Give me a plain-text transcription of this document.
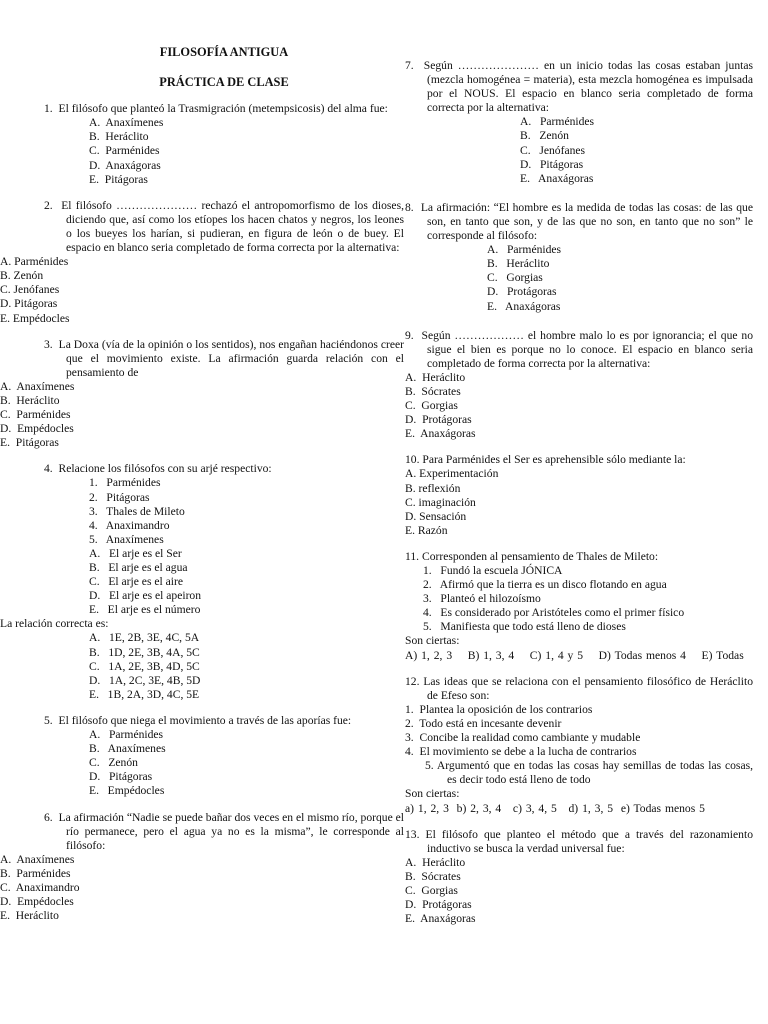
FILOSOFÍA ANTIGUA
PRÁCTICA DE CLASE
1. El filósofo que planteó la Trasmigración (metempsicosis) del alma fue:
A.  Anaxímenes
B.  Heráclito
C.  Parménides
D.  Anaxágoras
E.  Pitágoras
2. El filósofo ………………… rechazó el antropomorfismo de los dioses, diciendo que, así como los etíopes los hacen chatos y negros, los leones o los bueyes los harían, si pudieran, en figura de león o de buey. El espacio en blanco seria completado de forma correcta por la alternativa:
A. Parménides
B. Zenón
C. Jenófanes
D. Pitágoras
E. Empédocles
3. La Doxa (vía de la opinión o los sentidos), nos engañan haciéndonos creer que el movimiento existe. La afirmación guarda relación con el pensamiento de
A.  Anaxímenes
B.  Heráclito
C.  Parménides
D.  Empédocles
E.  Pitágoras
4. Relacione los filósofos con su arjé respectivo:
1.   Parménides
2.   Pitágoras
3.   Thales de Mileto
4.   Anaximandro
5.   Anaxímenes
A.   El arje es el Ser
B.   El arje es el agua
C.   El arje es el aire
D.   El arje es el apeiron
E.   El arje es el número
La relación correcta es:
A.   1E, 2B, 3E, 4C, 5A
B.   1D, 2E, 3B, 4A, 5C
C.   1A, 2E, 3B, 4D, 5C
D.   1A, 2C, 3E, 4B, 5D
E.   1B, 2A, 3D, 4C, 5E
5. El filósofo que niega el movimiento a través de las aporías fue:
A.   Parménides
B.   Anaxímenes
C.   Zenón
D.   Pitágoras
E.   Empédocles
6. La afirmación “Nadie se puede bañar dos veces en el mismo río, porque el río permanece, pero el agua ya no es la misma”, le corresponde al filósofo:
A.  Anaxímenes
B.  Parménides
C.  Anaximandro
D.  Empédocles
E.  Heráclito
7. Según ………………… en un inicio todas las cosas estaban juntas (mezcla homogénea = materia), esta mezcla homogénea es impulsada por el NOUS. El espacio en blanco seria completado de forma correcta por la alternativa:
A.   Parménides
B.   Zenón
C.   Jenófanes
D.   Pitágoras
E.   Anaxágoras
8. La afirmación: “El hombre es la medida de todas las cosas: de las que son, en tanto que son, y de las que no son, en tanto que no son” le corresponde al filósofo:
A.   Parménides
B.   Heráclito
C.   Gorgias
D.   Protágoras
E.   Anaxágoras
9. Según ……………… el hombre malo lo es por ignorancia; el que no sigue el bien es porque no lo conoce. El espacio en blanco seria completado de forma correcta por la alternativa:
A.  Heráclito
B.  Sócrates
C.  Gorgias
D.  Protágoras
E.  Anaxágoras
10. Para Parménides el Ser es aprehensible sólo mediante la:
A. Experimentación
B. reflexión
C. imaginación
D. Sensación
E. Razón
11. Corresponden al pensamiento de Thales de Mileto:
1.   Fundó la escuela JÓNICA
2.   Afirmó que la tierra es un disco flotando en agua
3.   Planteó el hilozoísmo
4.   Es considerado por Aristóteles como el primer físico
5.   Manifiesta que todo está lleno de dioses
Son ciertas:
A) 1, 2, 3    B) 1, 3, 4    C) 1, 4 y 5    D) Todas menos 4    E) Todas
12. Las ideas que se relaciona con el pensamiento filosófico de Heráclito de Efeso son:
1.  Plantea la oposición de los contrarios
2.  Todo está en incesante devenir
3.  Concibe la realidad como cambiante y mudable
4.  El movimiento se debe a la lucha de contrarios
5. Argumentó que en todas las cosas hay semillas de todas las cosas, es decir todo está lleno de todo
Son ciertas:
a) 1, 2, 3  b) 2, 3, 4   c) 3, 4, 5   d) 1, 3, 5  e) Todas menos 5
13. El filósofo que planteo el método que a través del razonamiento inductivo se busca la verdad universal fue:
A.  Heráclito
B.  Sócrates
C.  Gorgias
D.  Protágoras
E.  Anaxágoras
